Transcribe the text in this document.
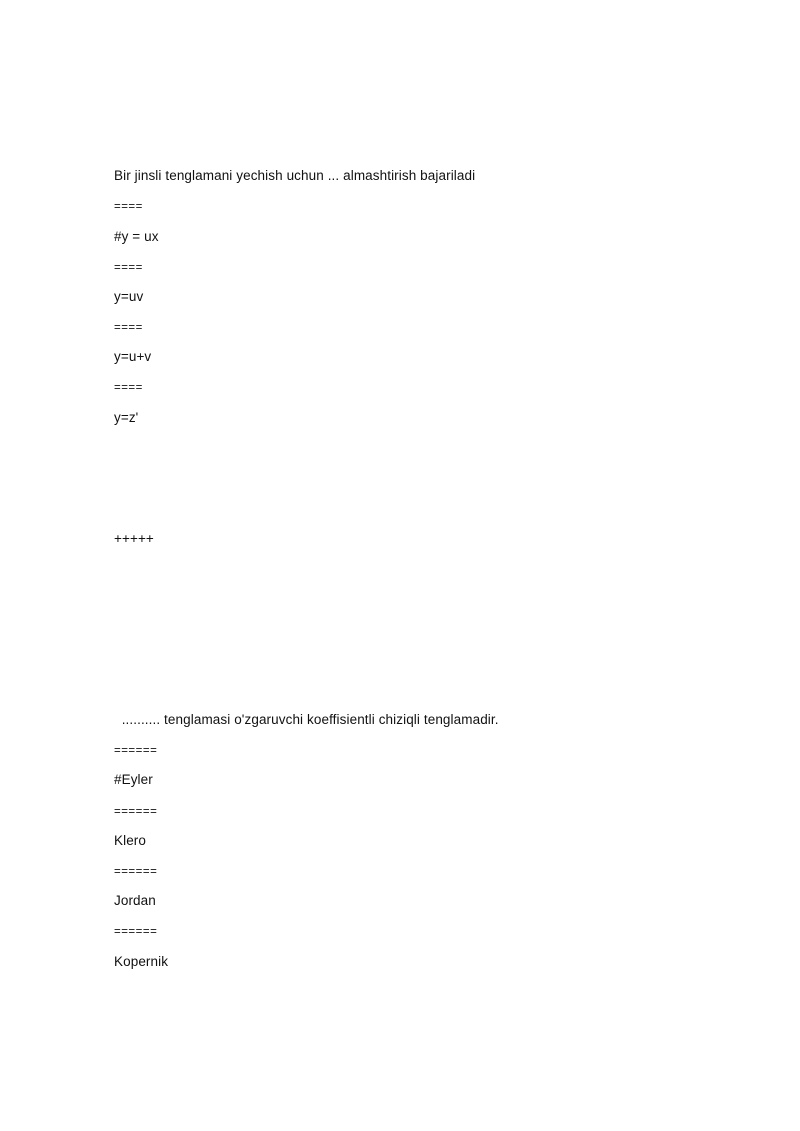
Bir jinsli tenglamani yechish uchun ... almashtirish bajariladi
====
#y = ux
====
y=uv
====
y=u+v
====
y=z'
+++++
.......... tenglamasi o'zgaruvchi koeffisientli chiziqli tenglamadir.
======
#Eyler
======
Klero
======
Jordan
======
Kopernik
